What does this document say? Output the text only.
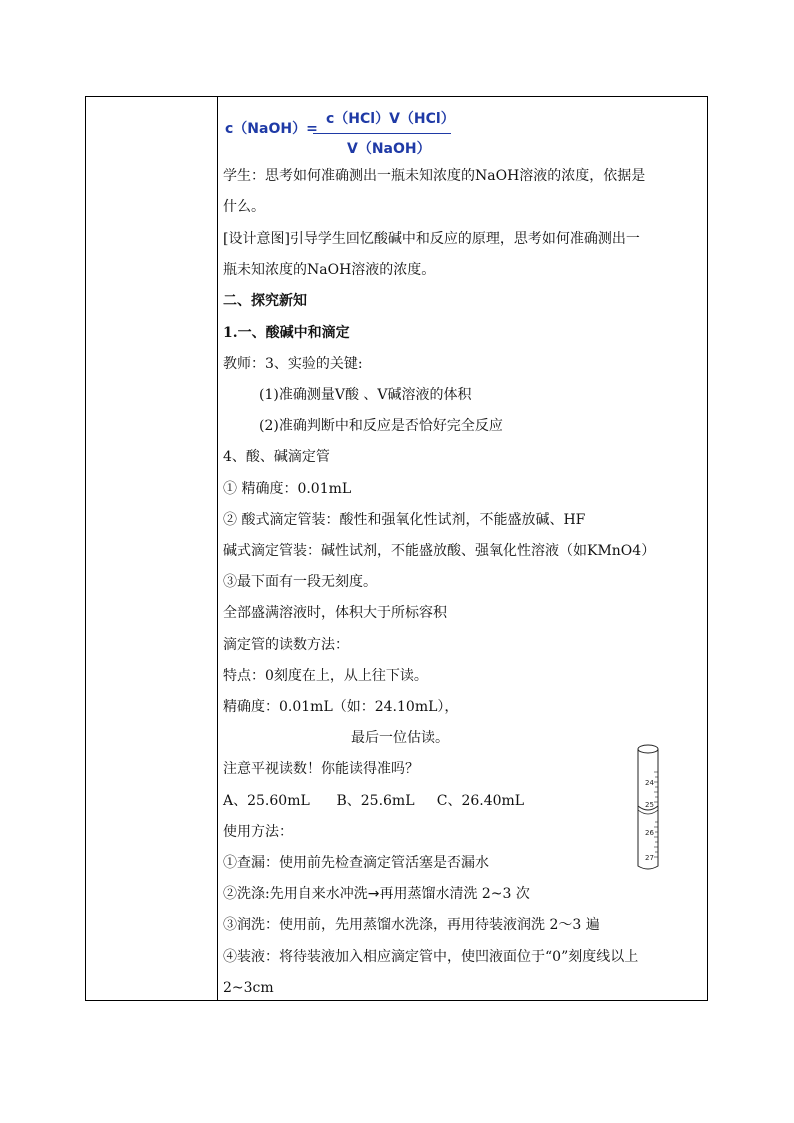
c（NaOH）=
c（HCl）V（HCl）
V（NaOH）
学生：思考如何准确测出一瓶未知浓度的NaOH溶液的浓度，依据是
什么。
[设计意图]引导学生回忆酸碱中和反应的原理，思考如何准确测出一
瓶未知浓度的NaOH溶液的浓度。
二、探究新知
1.一、酸碱中和滴定
教师：3、实验的关键:
(1)准确测量V酸 、V碱溶液的体积
(2)准确判断中和反应是否恰好完全反应
4、酸、碱滴定管
① 精确度：0.01mL
② 酸式滴定管装：酸性和强氧化性试剂，不能盛放碱、HF
碱式滴定管装：碱性试剂，不能盛放酸、强氧化性溶液（如KMnO4）
③最下面有一段无刻度。
全部盛满溶液时，体积大于所标容积
滴定管的读数方法：
特点：0刻度在上，从上往下读。
精确度：0.01mL（如：24.10mL），
最后一位估读。
注意平视读数！你能读得准吗？
A、25.60mL      B、25.6mL     C、26.40mL
使用方法：
①查漏：使用前先检查滴定管活塞是否漏水
②洗涤:先用自来水冲洗→再用蒸馏水清洗 2~3 次
③润洗：使用前，先用蒸馏水洗涤，再用待装液润洗 2～3 遍
④装液：将待装液加入相应滴定管中，使凹液面位于“0”刻度线以上
2~3cm
24
25
26
27
